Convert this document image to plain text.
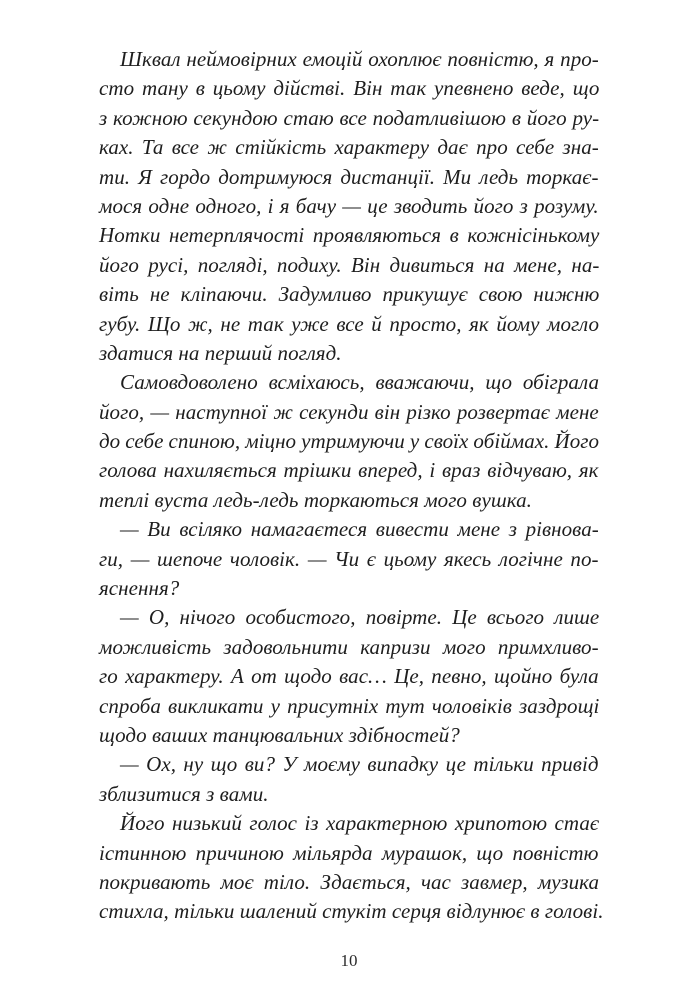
Шквал неймовірних емоцій охоплює повністю, я про-
сто тану в цьому дійстві. Він так упевнено веде, що
з кожною секундою стаю все податливішою в його ру-
ках. Та все ж стійкість характеру дає про себе зна-
ти. Я гордо дотримуюся дистанції. Ми ледь торкає-
мося одне одного, і я бачу — це зводить його з розуму.
Нотки нетерплячості проявляються в кожнісінькому
його русі, погляді, подиху. Він дивиться на мене, на-
віть не кліпаючи. Задумливо прикушує свою нижню
губу. Що ж, не так уже все й просто, як йому могло
здатися на перший погляд.
Самовдоволено всміхаюсь, вважаючи, що обіграла
його, — наступної ж секунди він різко розвертає мене
до себе спиною, міцно утримуючи у своїх обіймах. Його
голова нахиляється трішки вперед, і враз відчуваю, як
теплі вуста ледь-ледь торкаються мого вушка.
— Ви всіляко намагаєтеся вивести мене з рівнова-
ги, — шепоче чоловік. — Чи є цьому якесь логічне по-
яснення?
— О, нічого особистого, повірте. Це всього лише
можливість задовольнити капризи мого примхливо-
го характеру. А от щодо вас… Це, певно, щойно була
спроба викликати у присутніх тут чоловіків заздрощі
щодо ваших танцювальних здібностей?
— Ох, ну що ви? У моєму випадку це тільки привід
зблизитися з вами.
Його низький голос із характерною хрипотою стає
істинною причиною мільярда мурашок, що повністю
покривають моє тіло. Здається, час завмер, музика
стихла, тільки шалений стукіт серця відлунює в голові.
10
